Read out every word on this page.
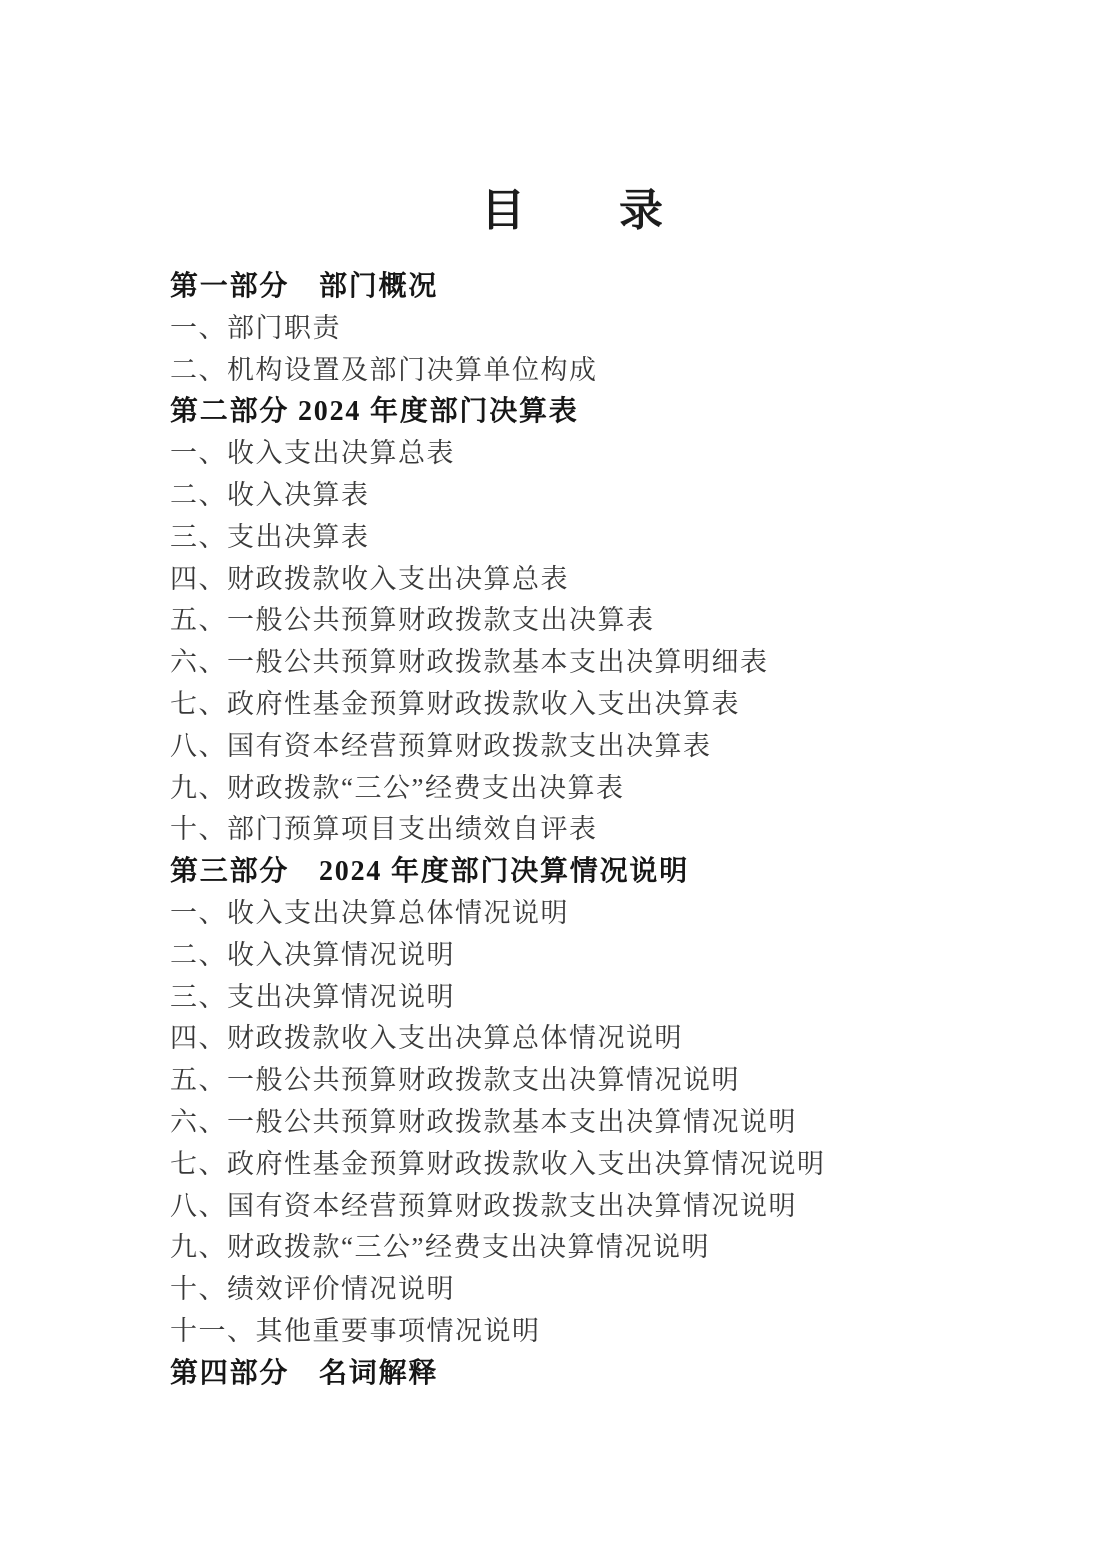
目　　录
第一部分　部门概况
一、部门职责
二、机构设置及部门决算单位构成
第二部分 2024 年度部门决算表
一、收入支出决算总表
二、收入决算表
三、支出决算表
四、财政拨款收入支出决算总表
五、一般公共预算财政拨款支出决算表
六、一般公共预算财政拨款基本支出决算明细表
七、政府性基金预算财政拨款收入支出决算表
八、国有资本经营预算财政拨款支出决算表
九、财政拨款“三公”经费支出决算表
十、部门预算项目支出绩效自评表
第三部分　2024 年度部门决算情况说明
一、收入支出决算总体情况说明
二、收入决算情况说明
三、支出决算情况说明
四、财政拨款收入支出决算总体情况说明
五、一般公共预算财政拨款支出决算情况说明
六、一般公共预算财政拨款基本支出决算情况说明
七、政府性基金预算财政拨款收入支出决算情况说明
八、国有资本经营预算财政拨款支出决算情况说明
九、财政拨款“三公”经费支出决算情况说明
十、绩效评价情况说明
十一、其他重要事项情况说明
第四部分　名词解释
